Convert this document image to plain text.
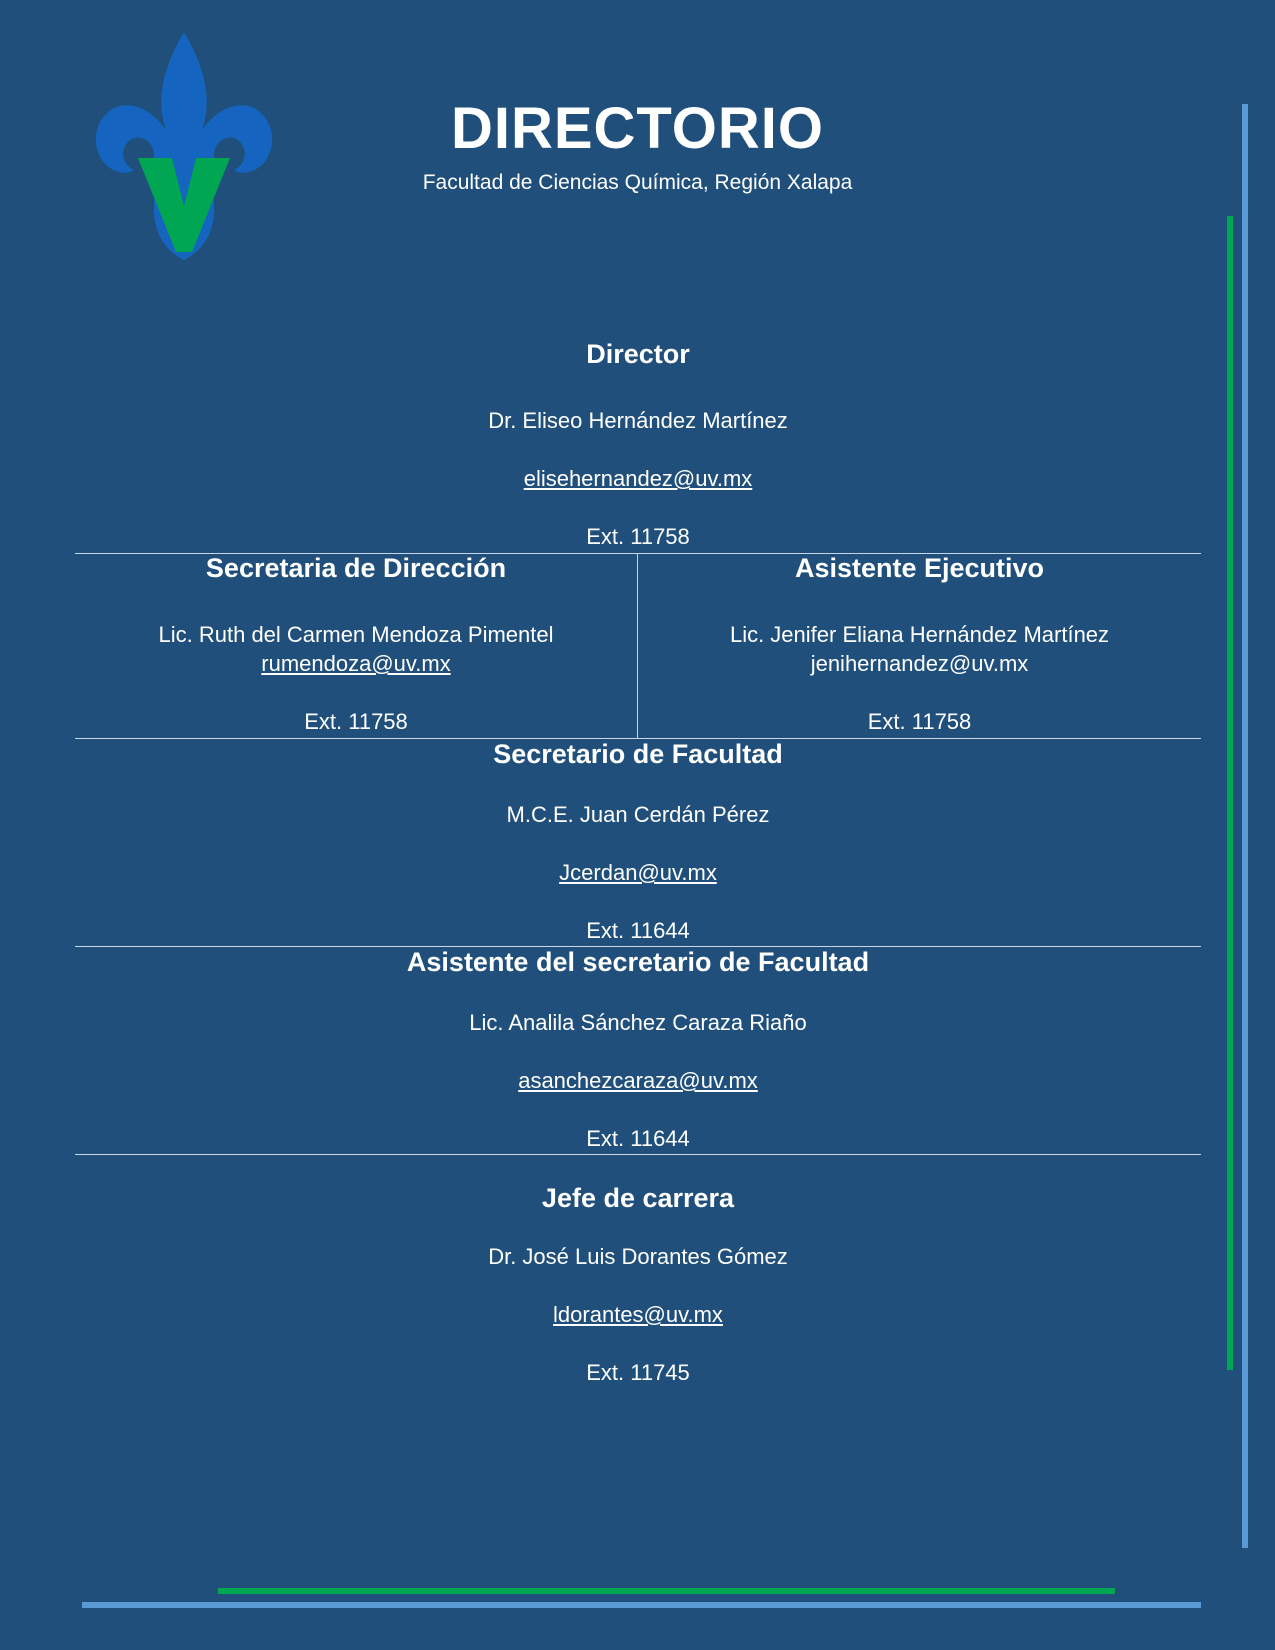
DIRECTORIO
Facultad de Ciencias Química, Región Xalapa
Director
Dr. Eliseo Hernández Martínez
elisehernandez@uv.mx
Ext. 11758
Secretaria de Dirección
Lic. Ruth del Carmen Mendoza Pimentel
rumendoza@uv.mx
Ext. 11758
Asistente Ejecutivo
Lic. Jenifer Eliana Hernández Martínez
jenihernandez@uv.mx
Ext. 11758
Secretario de Facultad
M.C.E. Juan Cerdán Pérez
Jcerdan@uv.mx
Ext. 11644
Asistente del secretario de Facultad
Lic. Analila Sánchez Caraza Riaño
asanchezcaraza@uv.mx
Ext. 11644
Jefe de carrera
Dr. José Luis Dorantes Gómez
ldorantes@uv.mx
Ext. 11745
